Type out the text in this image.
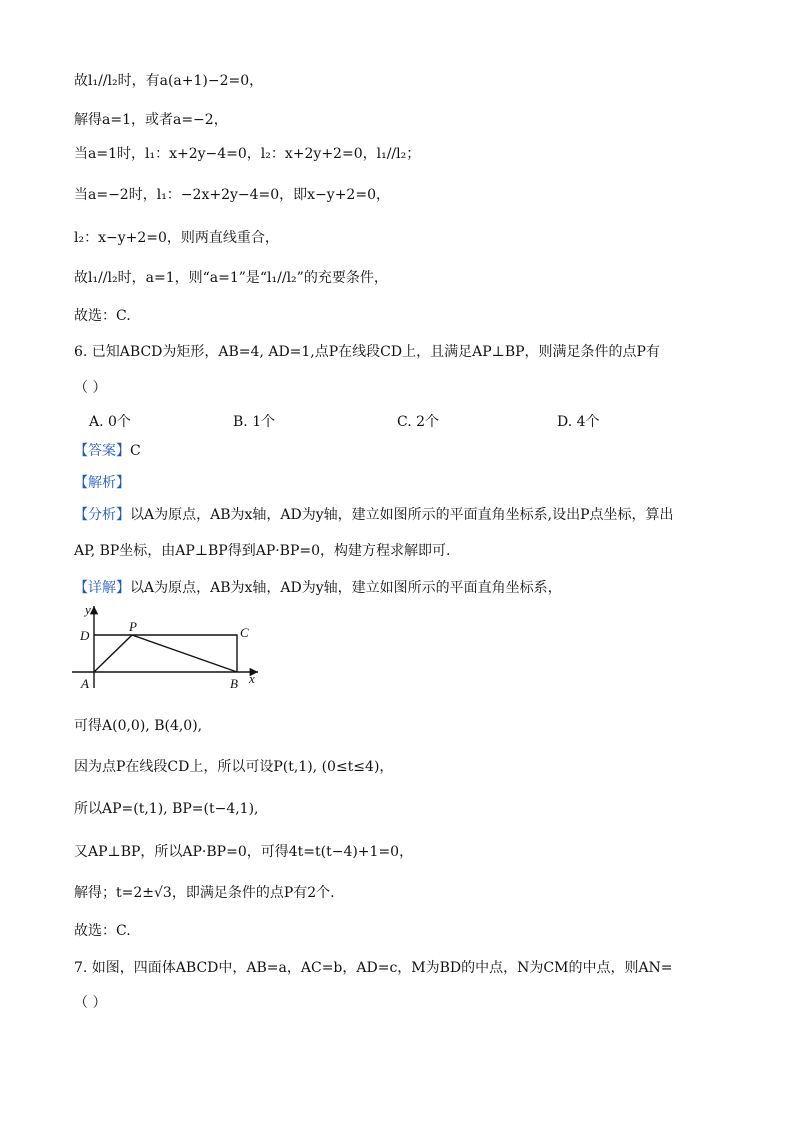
故l₁//l₂时，有a(a+1)−2=0，
解得a=1，或者a=−2，
当a=1时，l₁：x+2y−4=0，l₂：x+2y+2=0，l₁//l₂；
当a=−2时，l₁：−2x+2y−4=0，即x−y+2=0，
l₂：x−y+2=0，则两直线重合，
故l₁//l₂时，a=1，则“a=1”是“l₁//l₂”的充要条件，
故选：C.
6. 已知ABCD为矩形，AB=4, AD=1,点P在线段CD上，且满足AP⊥BP，则满足条件的点P有
（ ）
A. 0个	B. 1个	C. 2个	D. 4个
【答案】C
【解析】
【分析】以A为原点，AB为x轴，AD为y轴，建立如图所示的平面直角坐标系,设出P点坐标，算出
AP, BP坐标，由AP⊥BP得到AP·BP=0，构建方程求解即可.
【详解】以A为原点，AB为x轴，AD为y轴，建立如图所示的平面直角坐标系，
y
D
P	C
A	B x
可得A(0,0), B(4,0),
因为点P在线段CD上，所以可设P(t,1), (0≤t≤4)，
所以AP=(t,1), BP=(t−4,1),
又AP⊥BP，所以AP·BP=0，可得4t=t(t−4)+1=0，
解得；t=2±√3，即满足条件的点P有2个.
故选：C.
7. 如图，四面体ABCD中，AB=a，AC=b，AD=c，M为BD的中点，N为CM的中点，则AN=
（ ）
